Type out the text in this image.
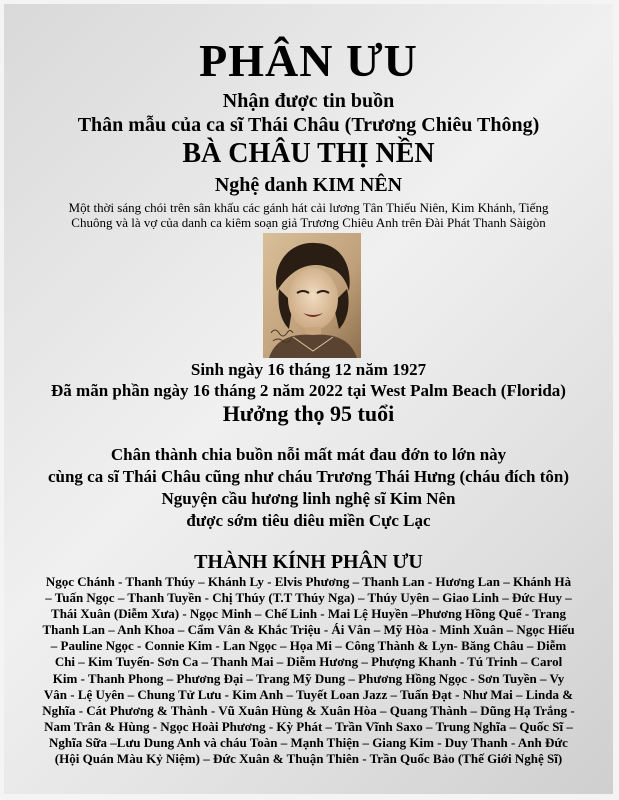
PHÂN ƯU
Nhận được tin buồn
Thân mẫu của ca sĩ Thái Châu (Trương Chiêu Thông)
BÀ CHÂU THỊ NỀN
Nghệ danh KIM NÊN
Một thời sáng chói trên sân khấu các gánh hát cải lương Tân Thiếu Niên, Kim Khánh, Tiếng
Chuông và là vợ của danh ca kiêm soạn giả Trương Chiêu Anh trên Đài Phát Thanh Sàigòn
Sinh ngày 16 tháng 12 năm 1927
Đã mãn phần ngày 16 tháng 2 năm 2022 tại West Palm Beach (Florida)
Hưởng thọ 95 tuổi
Chân thành chia buồn nỗi mất mát đau đớn to lớn này
cùng ca sĩ Thái Châu cũng như cháu Trương Thái Hưng (cháu đích tôn)
Nguyện cầu hương linh nghệ sĩ Kim Nên
được sớm tiêu diêu miền Cực Lạc
THÀNH KÍNH PHÂN ƯU
Ngọc Chánh - Thanh Thúy – Khánh Ly - Elvis Phương – Thanh Lan - Hương Lan – Khánh Hà
– Tuấn Ngọc – Thanh Tuyền - Chị Thúy (T.T Thúy Nga) – Thúy Uyên – Giao Linh – Đức Huy –
Thái Xuân (Diễm Xưa) - Ngọc Minh – Chế Linh - Mai Lệ Huyền –Phương Hồng Quế - Trang
Thanh Lan – Anh Khoa – Cẩm Vân & Khắc Triệu - Ái Vân – Mỹ Hòa - Minh Xuân – Ngọc Hiếu
– Pauline Ngọc - Connie Kim - Lan Ngọc – Họa Mi – Công Thành & Lyn- Băng Châu – Diễm
Chi – Kim Tuyến- Sơn Ca – Thanh Mai – Diễm Hương – Phượng Khanh - Tú Trinh – Carol
Kim - Thanh Phong – Phương Đại – Trang Mỹ Dung – Phương Hồng Ngọc - Sơn Tuyền – Vy
Vân - Lệ Uyên – Chung Tử Lưu - Kim Anh – Tuyết Loan Jazz – Tuấn Đạt - Như Mai – Linda &
Nghĩa - Cát Phương & Thành - Vũ Xuân Hùng & Xuân Hòa – Quang Thành – Dũng Hạ Trắng -
Nam Trân & Hùng - Ngọc Hoài Phương - Kỳ Phát – Trần Vĩnh Saxo – Trung Nghĩa – Quốc Sĩ –
Nghĩa Sữa –Lưu Dung Anh và cháu Toàn – Mạnh Thiện – Giang Kim - Duy Thanh - Anh Đức
(Hội Quán Màu Kỷ Niệm) – Đức Xuân & Thuận Thiên - Trần Quốc Bảo (Thế Giới Nghệ Sĩ)
